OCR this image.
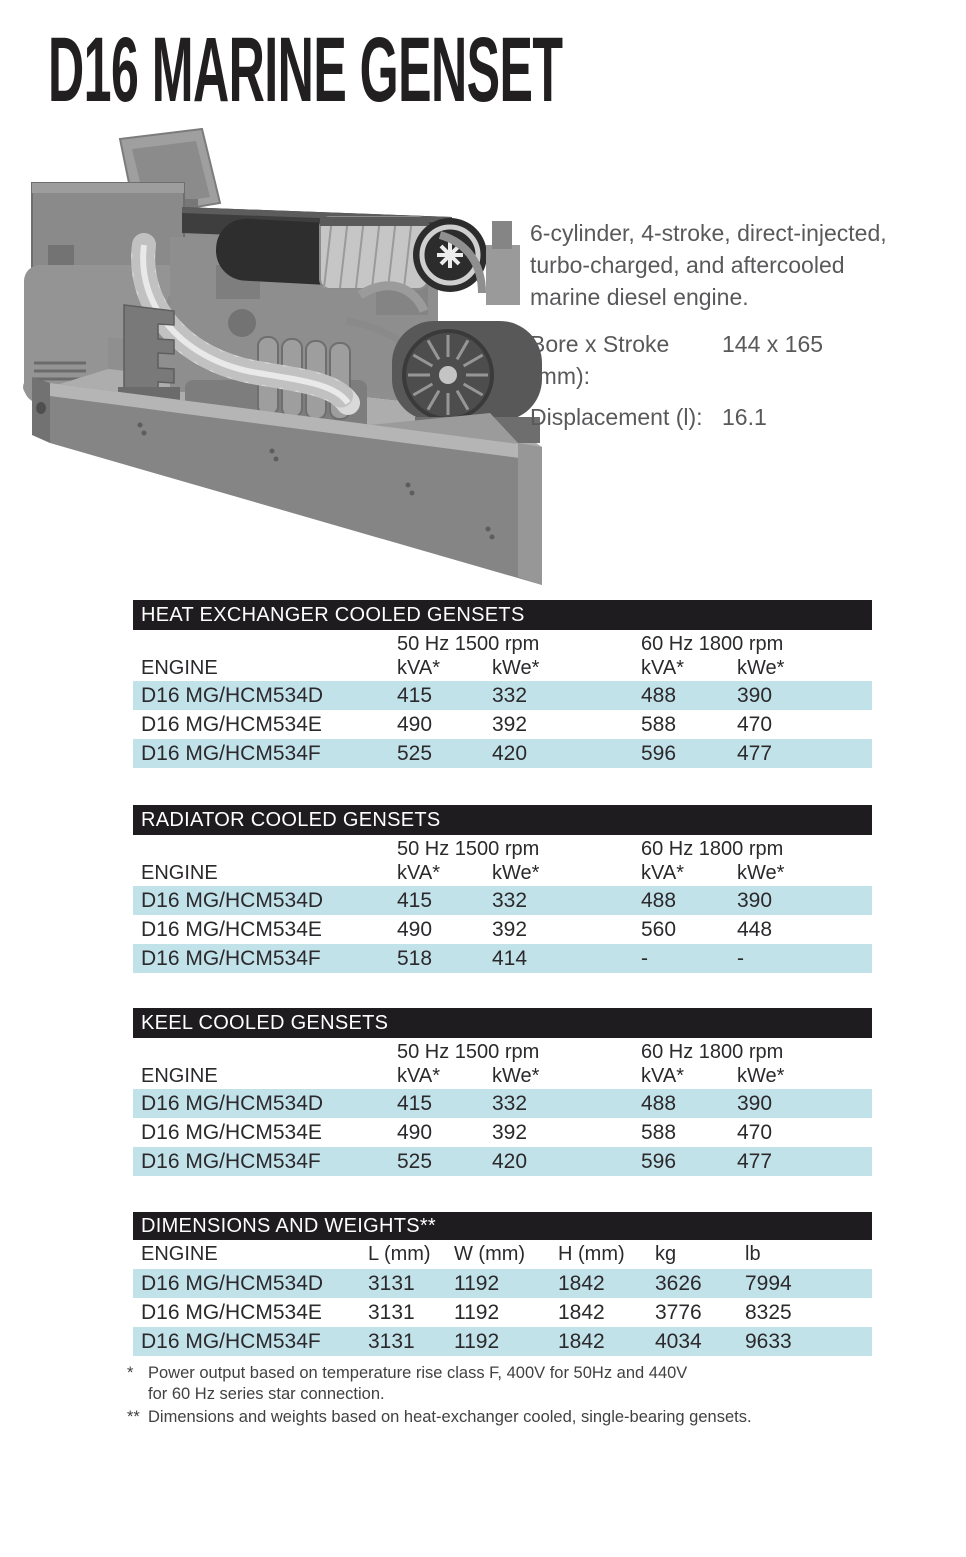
D16 MARINE GENSET
6-cylinder, 4-stroke, direct-injected,
turbo-charged, and aftercooled
marine diesel engine.
Bore x Stroke (mm):
144 x 165
Displacement (l): 16.1
HEAT EXCHANGER COOLED GENSETS
50 Hz 1500 rpm	60 Hz 1800 rpm
ENGINE	kVA*	kWe*	kVA*	kWe*
D16 MG/HCM534D	415	332	488	390
D16 MG/HCM534E	490	392	588	470
D16 MG/HCM534F	525	420	596	477
RADIATOR COOLED GENSETS
50 Hz 1500 rpm	60 Hz 1800 rpm
ENGINE	kVA*	kWe*	kVA*	kWe*
D16 MG/HCM534D	415	332	488	390
D16 MG/HCM534E	490	392	560	448
D16 MG/HCM534F	518	414	-	-
KEEL COOLED GENSETS
50 Hz 1500 rpm	60 Hz 1800 rpm
ENGINE	kVA*	kWe*	kVA*	kWe*
D16 MG/HCM534D	415	332	488	390
D16 MG/HCM534E	490	392	588	470
D16 MG/HCM534F	525	420	596	477
DIMENSIONS AND WEIGHTS**
ENGINE	L (mm)	W (mm)	H (mm)	kg	lb
D16 MG/HCM534D	3131	1192	1842	3626	7994
D16 MG/HCM534E	3131	1192	1842	3776	8325
D16 MG/HCM534F	3131	1192	1842	4034	9633
* Power output based on temperature rise class F, 400V for 50Hz and 440V
for 60 Hz series star connection.
** Dimensions and weights based on heat-exchanger cooled, single-bearing gensets.
